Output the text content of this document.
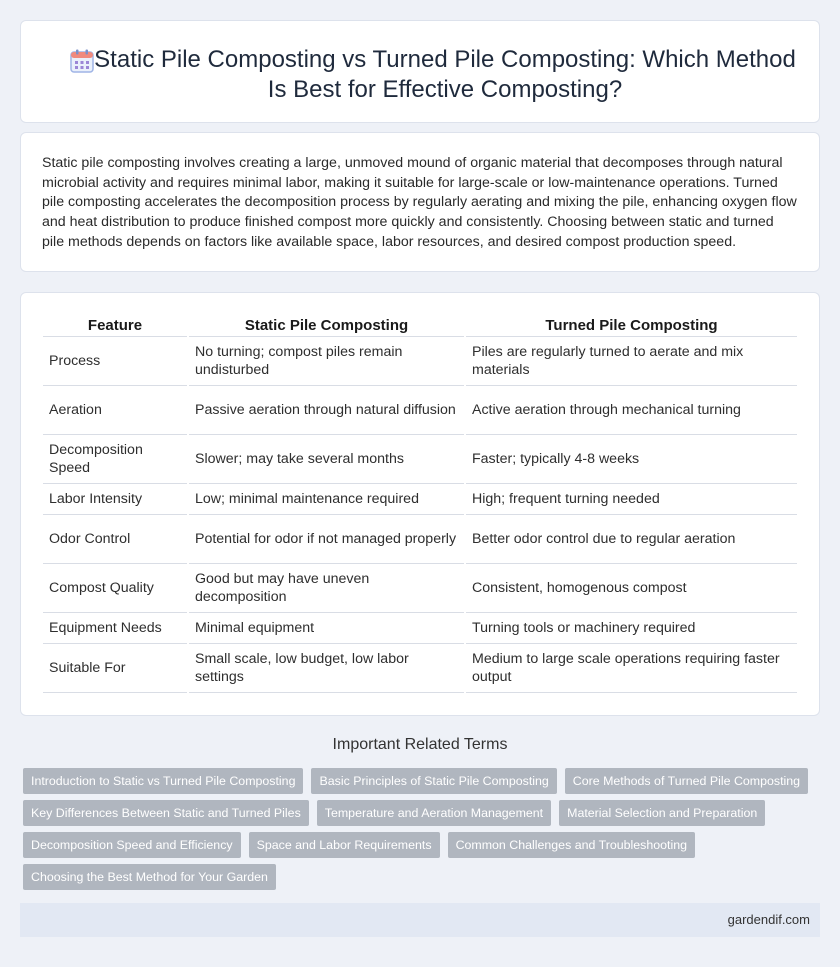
Static Pile Composting vs Turned Pile Composting: Which Method Is Best for Effective Composting?

Static pile composting involves creating a large, unmoved mound of organic material that decomposes through natural microbial activity and requires minimal labor, making it suitable for large-scale or low-maintenance operations. Turned pile composting accelerates the decomposition process by regularly aerating and mixing the pile, enhancing oxygen flow and heat distribution to produce finished compost more quickly and consistently. Choosing between static and turned pile methods depends on factors like available space, labor resources, and desired compost production speed.

Feature	Static Pile Composting	Turned Pile Composting
Process	No turning; compost piles remain undisturbed	Piles are regularly turned to aerate and mix materials
Aeration	Passive aeration through natural diffusion	Active aeration through mechanical turning
Decomposition Speed	Slower; may take several months	Faster; typically 4-8 weeks
Labor Intensity	Low; minimal maintenance required	High; frequent turning needed
Odor Control	Potential for odor if not managed properly	Better odor control due to regular aeration
Compost Quality	Good but may have uneven decomposition	Consistent, homogenous compost
Equipment Needs	Minimal equipment	Turning tools or machinery required
Suitable For	Small scale, low budget, low labor settings	Medium to large scale operations requiring faster output
Important Related Terms
Introduction to Static vs Turned Pile Composting	Basic Principles of Static Pile Composting	Core Methods of Turned Pile Composting
Key Differences Between Static and Turned Piles	Temperature and Aeration Management	Material Selection and Preparation
Decomposition Speed and Efficiency	Space and Labor Requirements	Common Challenges and Troubleshooting
Choosing the Best Method for Your Garden
gardendif.com
